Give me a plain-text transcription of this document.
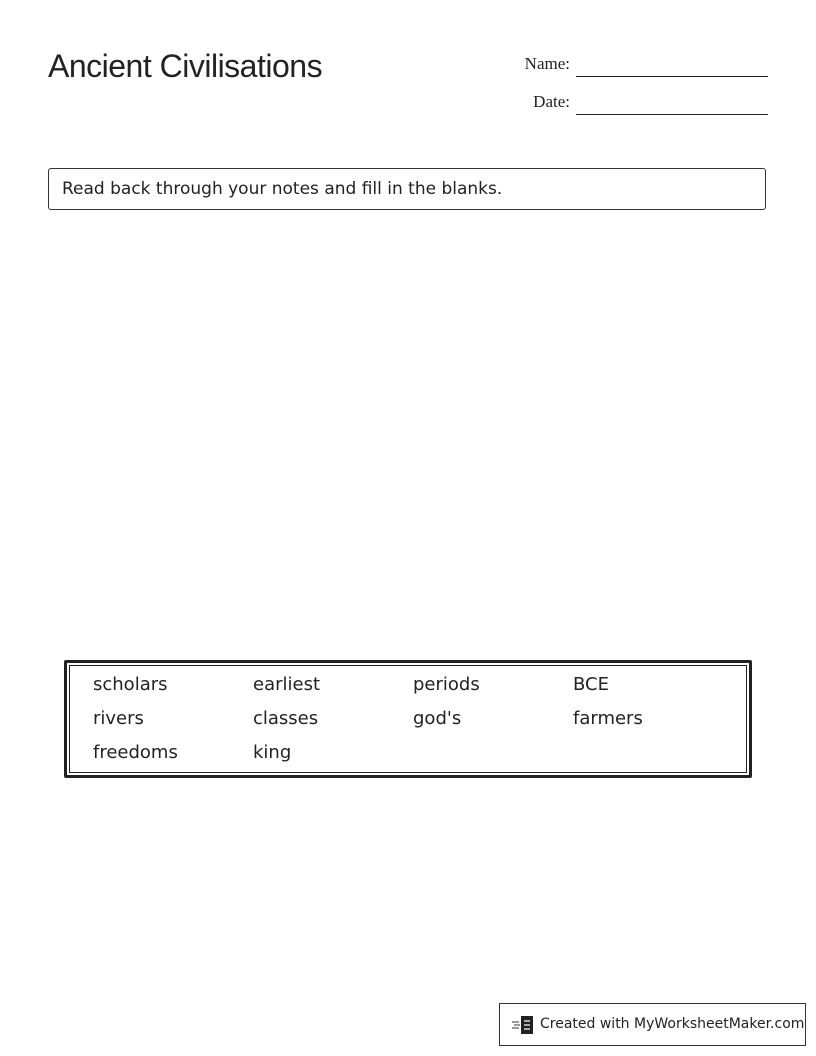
Ancient Civilisations	Name:
Date:
Read back through your notes and fill in the blanks.
scholars	earliest	periods	BCE
rivers	classes	god's	farmers
freedoms	king
Created with MyWorksheetMaker.com
